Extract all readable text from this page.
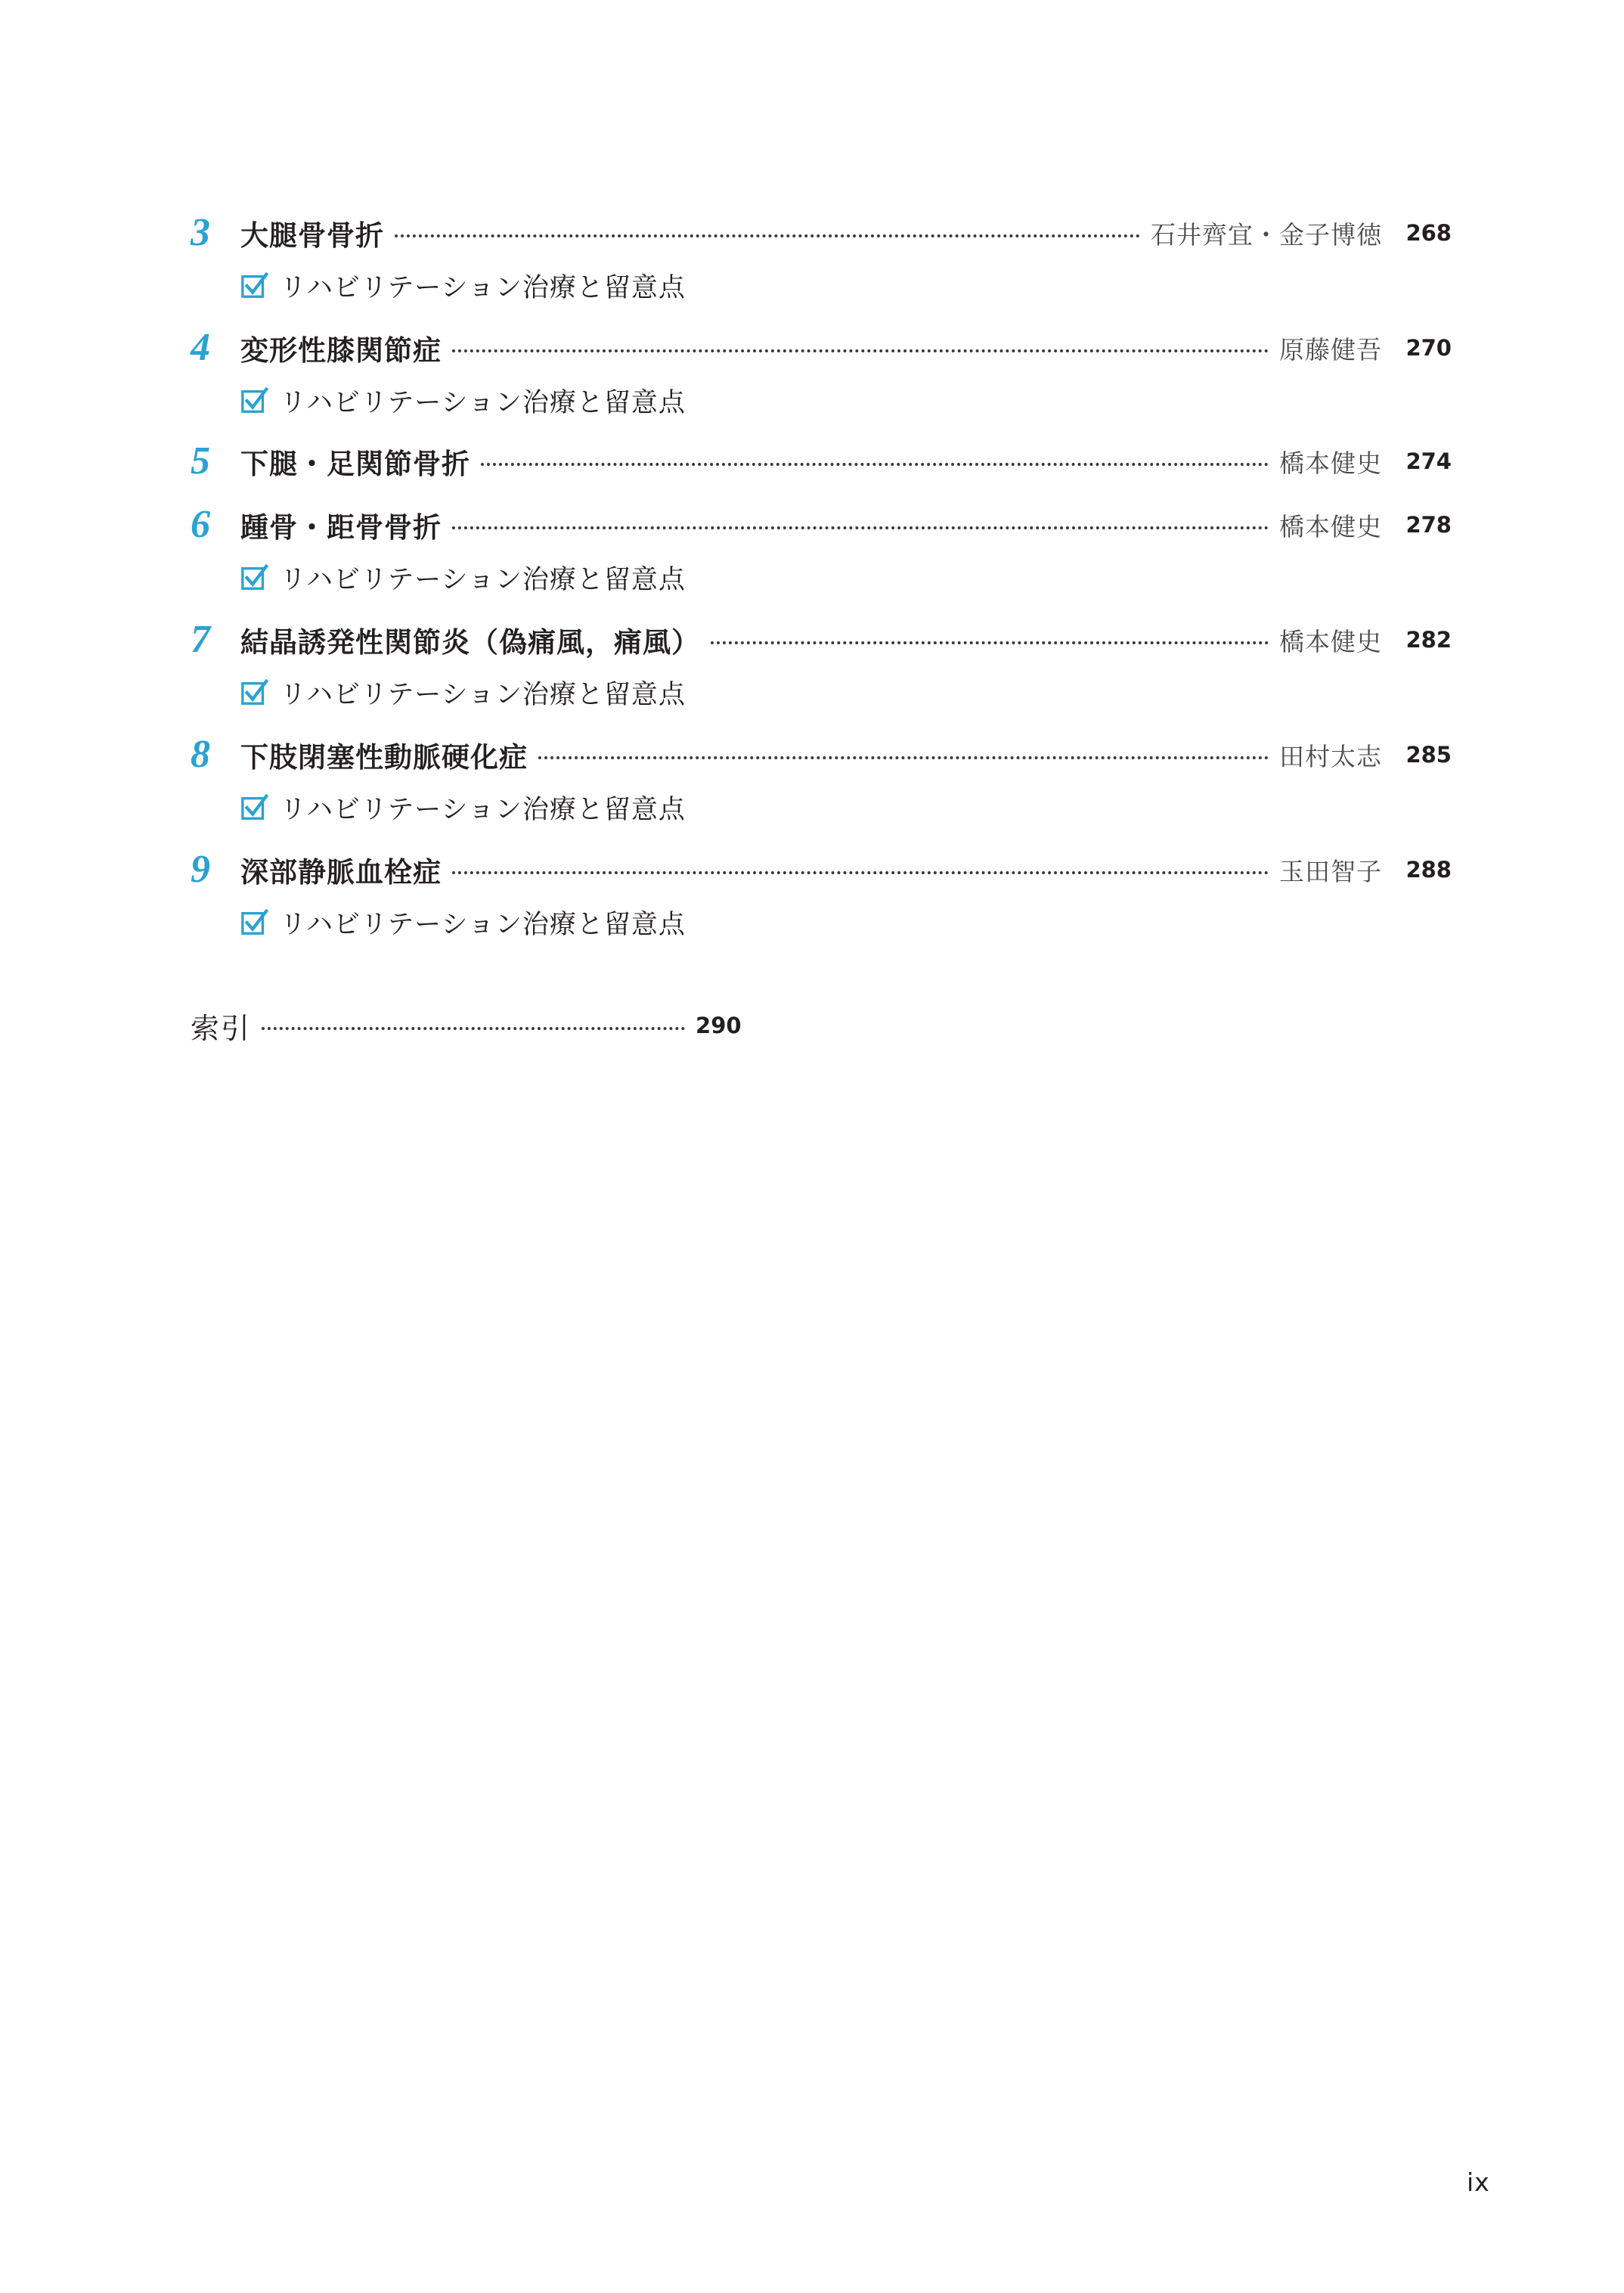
3	大腿骨骨折	石井齊宜・金子博徳	268
リハビリテーション治療と留意点
4	変形性膝関節症	原藤健吾	270
リハビリテーション治療と留意点
5	下腿・足関節骨折	橋本健史	274
6	踵骨・距骨骨折	橋本健史	278
リハビリテーション治療と留意点
7	結晶誘発性関節炎（偽痛風，痛風）	橋本健史	282
リハビリテーション治療と留意点
8	下肢閉塞性動脈硬化症	田村太志	285
リハビリテーション治療と留意点
9	深部静脈血栓症	玉田智子	288
リハビリテーション治療と留意点
索引	290
ix
